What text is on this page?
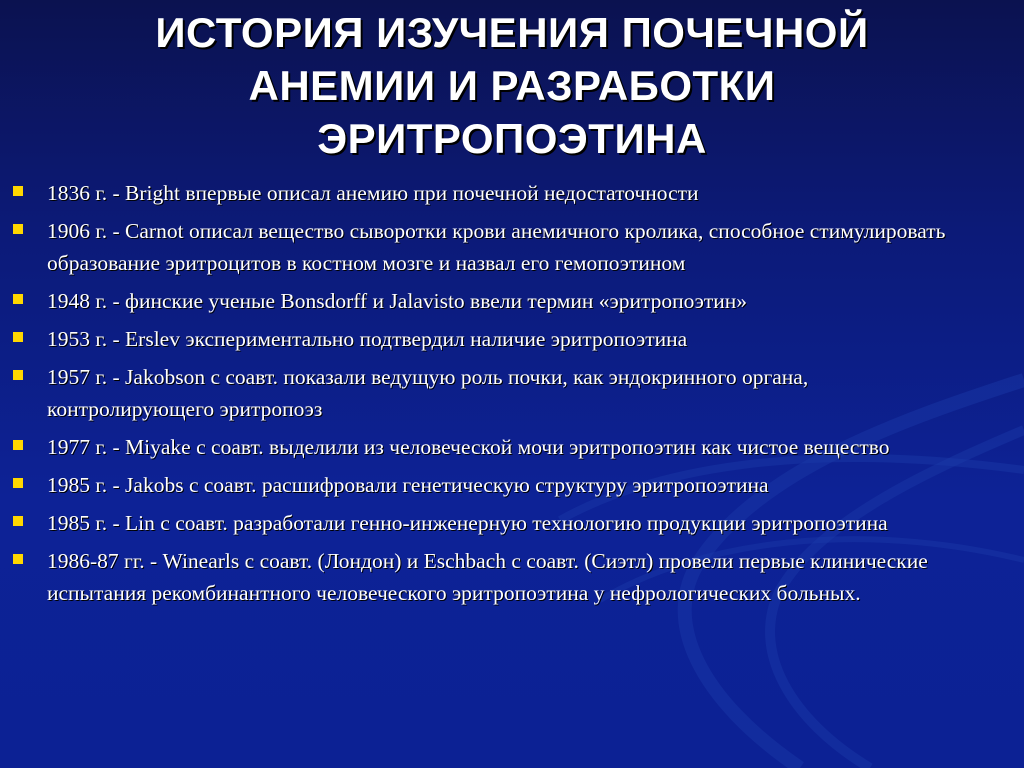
ИСТОРИЯ ИЗУЧЕНИЯ ПОЧЕЧНОЙ
АНЕМИИ И РАЗРАБОТКИ
ЭРИТРОПОЭТИНА
1836 г. - Bright впервые описал анемию при почечной недостаточности
1906 г. - Carnot описал вещество сыворотки крови анемичного кролика, способное стимулировать образование эритроцитов в костном мозге и назвал его гемопоэтином
1948 г. - финские ученые Bonsdorff и Jalavisto ввели термин «эритропоэтин»
1953 г. - Erslev экспериментально подтвердил наличие эритропоэтина
1957 г. - Jakobson с соавт. показали ведущую роль почки, как эндокринного органа, контролирующего эритропоэз
1977 г. - Miyake с соавт. выделили из человеческой мочи эритропоэтин как чистое вещество
1985 г. - Jakobs с соавт. расшифровали генетическую структуру эритропоэтина
1985 г. - Lin с соавт. разработали генно-инженерную технологию продукции эритропоэтина
1986-87 гг. - Winearls с соавт. (Лондон) и Eschbach с соавт. (Сиэтл) провели первые клинические испытания рекомбинантного человеческого эритропоэтина у нефрологических больных.
